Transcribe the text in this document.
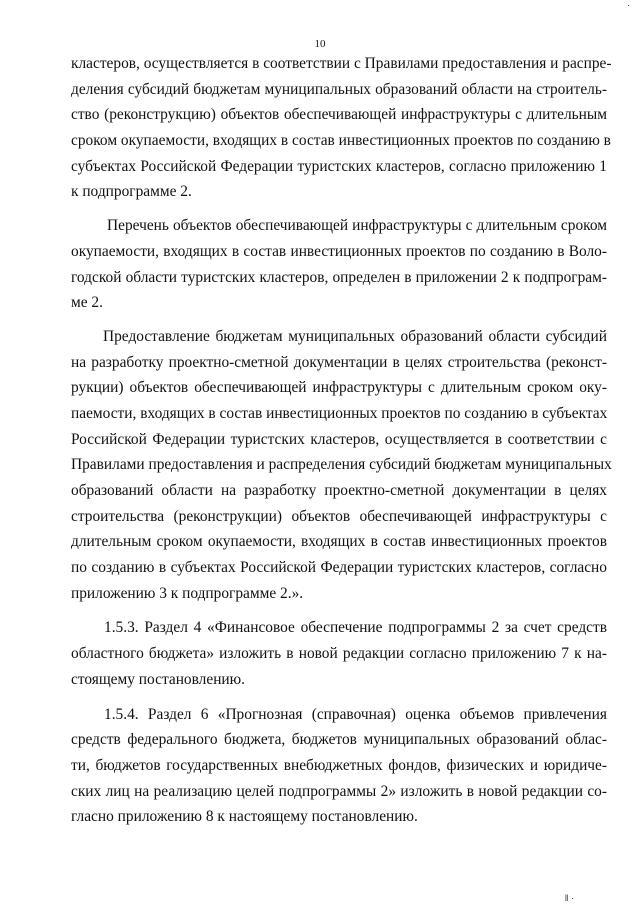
·
10
кластеров, осуществляется в соответствии с Правилами предоставления и распре-
деления субсидий бюджетам муниципальных образований области на строитель-
ство (реконструкцию) объектов обеспечивающей инфраструктуры с длительным
сроком окупаемости, входящих в состав инвестиционных проектов по созданию в
субъектах Российской Федерации туристских кластеров, согласно приложению 1
к подпрограмме 2.
Перечень объектов обеспечивающей инфраструктуры с длительным сроком
окупаемости, входящих в состав инвестиционных проектов по созданию в Воло-
годской области туристских кластеров, определен в приложении 2 к подпрограм-
ме 2.
Предоставление бюджетам муниципальных образований области субсидий
на разработку проектно-сметной документации в целях строительства (реконст-
рукции) объектов обеспечивающей инфраструктуры с длительным сроком оку-
паемости, входящих в состав инвестиционных проектов по созданию в субъектах
Российской Федерации туристских кластеров, осуществляется в соответствии с
Правилами предоставления и распределения субсидий бюджетам муниципальных
образований области на разработку проектно-сметной документации в целях
строительства (реконструкции) объектов обеспечивающей инфраструктуры с
длительным сроком окупаемости, входящих в состав инвестиционных проектов
по созданию в субъектах Российской Федерации туристских кластеров, согласно
приложению 3 к подпрограмме 2.».
1.5.3. Раздел 4 «Финансовое обеспечение подпрограммы 2 за счет средств
областного бюджета» изложить в новой редакции согласно приложению 7 к на-
стоящему постановлению.
1.5.4. Раздел 6 «Прогнозная (справочная) оценка объемов привлечения
средств федерального бюджета, бюджетов муниципальных образований облас-
ти, бюджетов государственных внебюджетных фондов, физических и юридиче-
ских лиц на реализацию целей подпрограммы 2» изложить в новой редакции со-
гласно приложению 8 к настоящему постановлению.
ǁ ·
